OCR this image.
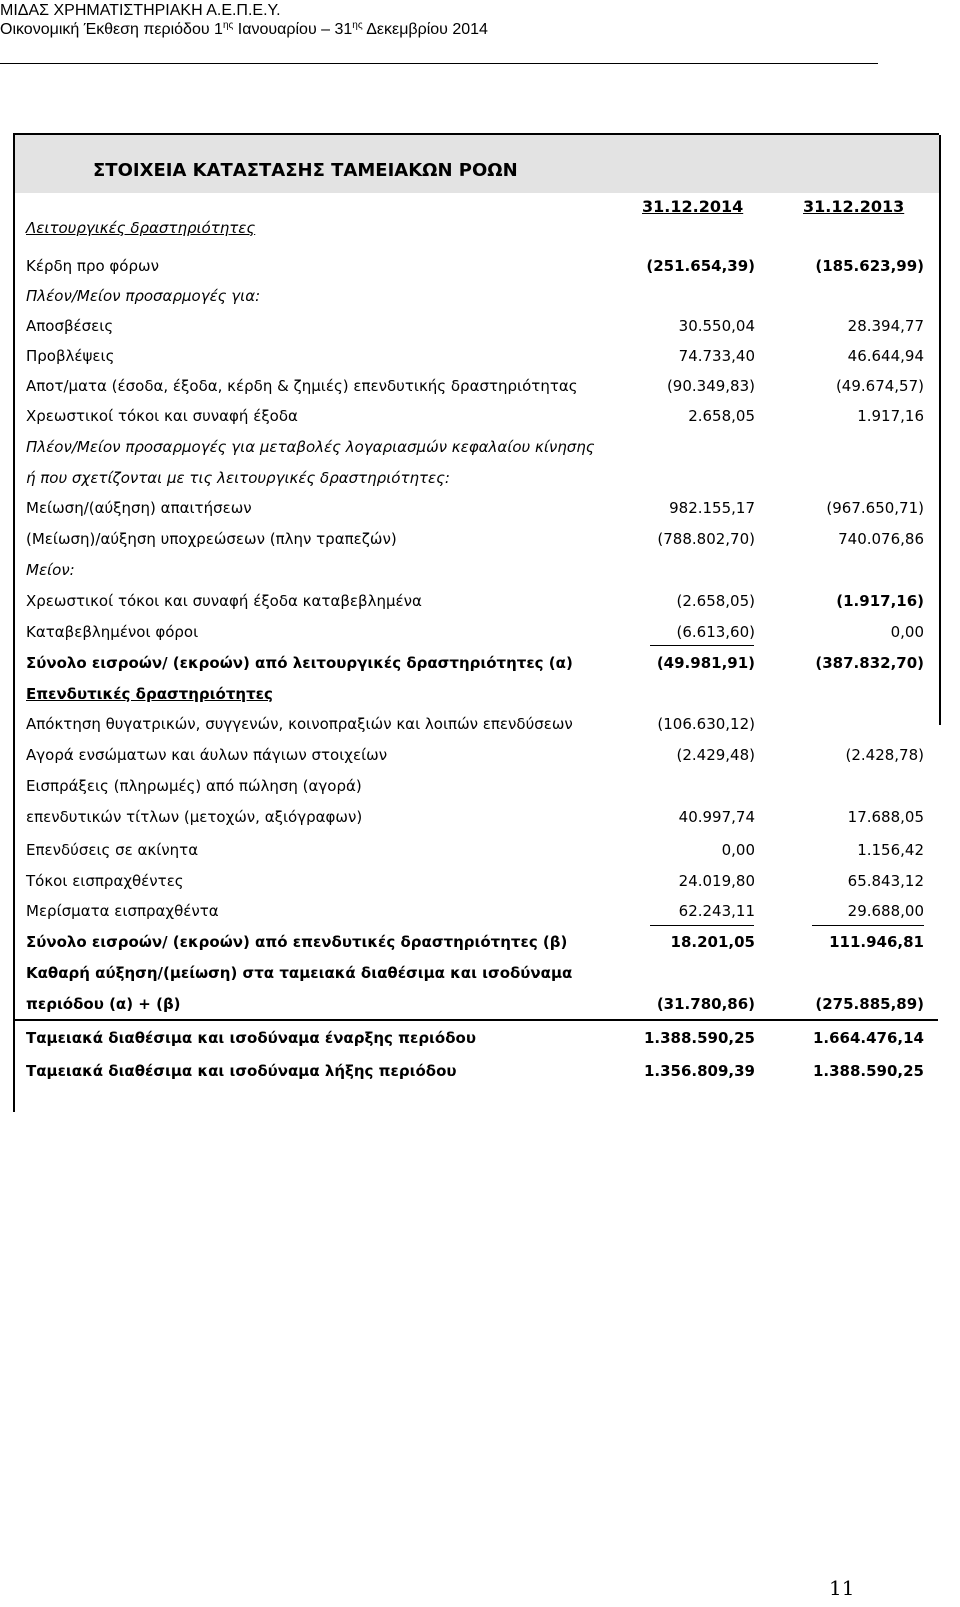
ΜΙΔΑΣ ΧΡΗΜΑΤΙΣΤΗΡΙΑΚΗ Α.Ε.Π.Ε.Υ.
Οικονομική Έκθεση περιόδου $1^{\eta\varsigma}$ Ιανουαρίου – $31^{\eta\varsigma}$ Δεκεμβρίου 2014
ΣΤΟΙΧΕΙΑ ΚΑΤΑΣΤΑΣΗΣ ΤΑΜΕΙΑΚΩΝ ΡΟΩΝ
Λειτουργικές δραστηριότητες
31.12.2014	31.12.2013
Κέρδη προ φόρων	(251.654,39)	(185.623,99)
Πλέον/Μείον προσαρμογές για:
Αποσβέσεις	30.550,04	28.394,77
Προβλέψεις	74.733,40	46.644,94
Αποτ/ματα (έσοδα, έξοδα, κέρδη & ζημιές) επενδυτικής δραστηριότητας	(90.349,83)	(49.674,57)
Χρεωστικοί τόκοι και συναφή έξοδα	2.658,05	1.917,16
Πλέον/Μείον προσαρμογές για μεταβολές λογαριασμών κεφαλαίου κίνησης
ή που σχετίζονται με τις λειτουργικές δραστηριότητες:
Μείωση/(αύξηση) απαιτήσεων	982.155,17	(967.650,71)
(Μείωση)/αύξηση υποχρεώσεων (πλην τραπεζών)	(788.802,70)	740.076,86
Μείον:
Χρεωστικοί τόκοι και συναφή έξοδα καταβεβλημένα	(2.658,05)	(1.917,16)
Καταβεβλημένοι φόροι	(6.613,60)	0,00
Σύνολο εισροών/ (εκροών) από λειτουργικές δραστηριότητες (α)	(49.981,91)	(387.832,70)
Επενδυτικές δραστηριότητες
Απόκτηση θυγατρικών, συγγενών, κοινοπραξιών και λοιπών επενδύσεων	(106.630,12)
Αγορά ενσώματων και άυλων πάγιων στοιχείων	(2.429,48)	(2.428,78)
Εισπράξεις (πληρωμές) από πώληση (αγορά)
επενδυτικών τίτλων (μετοχών, αξιόγραφων)	40.997,74	17.688,05
Επενδύσεις σε ακίνητα	0,00	1.156,42
Τόκοι εισπραχθέντες	24.019,80	65.843,12
Μερίσματα εισπραχθέντα	62.243,11	29.688,00
Σύνολο εισροών/ (εκροών) από επενδυτικές δραστηριότητες (β)	18.201,05	111.946,81
Καθαρή αύξηση/(μείωση) στα ταμειακά διαθέσιμα και ισοδύναμα
περιόδου (α) + (β)	(31.780,86)	(275.885,89)
Ταμειακά διαθέσιμα και ισοδύναμα έναρξης περιόδου	1.388.590,25	1.664.476,14
Ταμειακά διαθέσιμα και ισοδύναμα λήξης περιόδου	1.356.809,39	1.388.590,25
11
